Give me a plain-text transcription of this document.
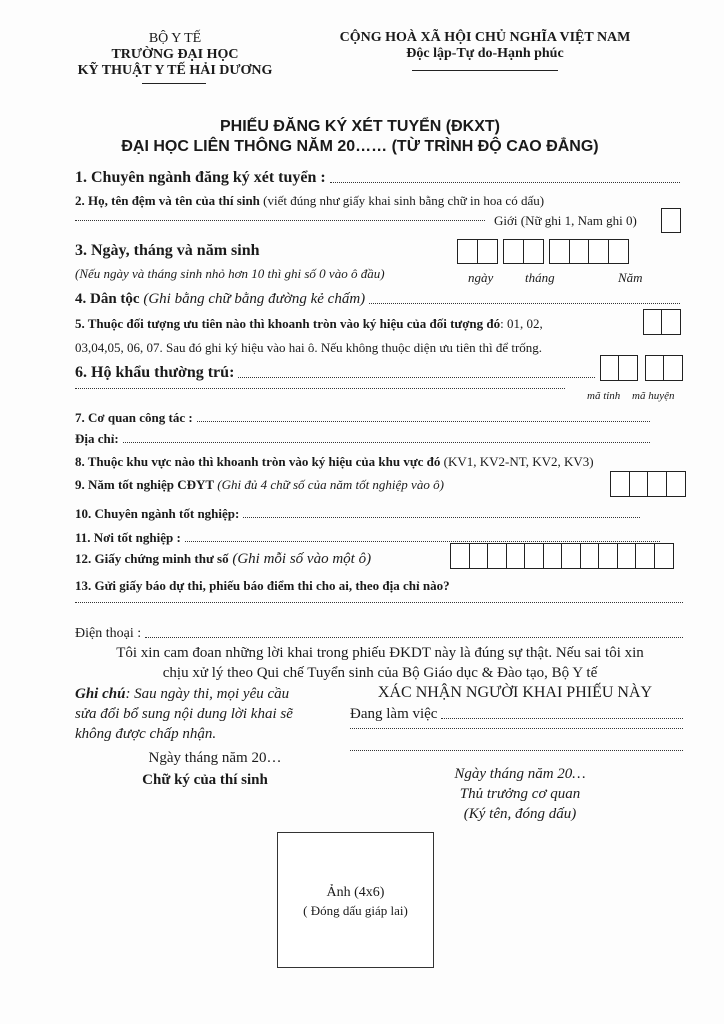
BỘ Y TẾ
TRƯỜNG ĐẠI HỌC
KỸ THUẬT Y TẾ HẢI DƯƠNG
CỘNG HOÀ XÃ HỘI CHỦ NGHĨA VIỆT NAM
Độc lập-Tự do-Hạnh phúc
PHIẾU ĐĂNG KÝ XÉT TUYỂN (ĐKXT)
ĐẠI HỌC LIÊN THÔNG NĂM 20…… (TỪ TRÌNH ĐỘ CAO ĐẲNG)
1. Chuyên ngành đăng ký xét tuyển :
2. Họ, tên đệm và tên của thí sinh (viết đúng như giấy khai sinh bằng chữ in hoa có dấu)
Giới (Nữ ghi 1, Nam ghi 0)
3. Ngày, tháng và năm sinh
(Nếu ngày và tháng sinh nhỏ hơn 10 thì ghi số 0 vào ô đầu)	ngày tháng	Năm
4. Dân tộc (Ghi bằng chữ bằng đường kẻ chấm)
5. Thuộc đối tượng ưu tiên nào thì khoanh tròn vào ký hiệu của đối tượng đó: 01, 02,
03,04,05, 06, 07. Sau đó ghi ký hiệu vào hai ô. Nếu không thuộc diện ưu tiên thì để trống.
6. Hộ khẩu thường trú :
mã tỉnh mã huyện
7. Cơ quan công tác :
Địa chỉ:
8. Thuộc khu vực nào thì khoanh tròn vào ký hiệu của khu vực đó (KV1, KV2-NT, KV2, KV3)
9. Năm tốt nghiệp CĐYT (Ghi đủ 4 chữ số của năm tốt nghiệp vào ô)
10. Chuyên ngành tốt nghiệp:
11. Nơi tốt nghiệp :
12. Giấy chứng minh thư số (Ghi mỗi số vào một ô)
13. Gửi giấy báo dự thi, phiếu báo điểm thi cho ai, theo địa chỉ nào?
Điện thoại :
Tôi xin cam đoan những lời khai trong phiếu ĐKDT này là đúng sự thật. Nếu sai tôi xin
chịu xử lý theo Qui chế Tuyển sinh của Bộ Giáo dục & Đào tạo, Bộ Y tế
Ghi chú: Sau ngày thi, mọi yêu cầu
sửa đổi bổ sung nội dung lời khai sẽ
không được chấp nhận.
Ngày tháng năm 20…
Chữ ký của thí sinh
XÁC NHẬN NGƯỜI KHAI PHIẾU NÀY
Đang làm việc
Ngày tháng năm 20…
Thủ trưởng cơ quan
(Ký tên, đóng dấu)
Ảnh (4x6)
( Đóng dấu giáp lai)
